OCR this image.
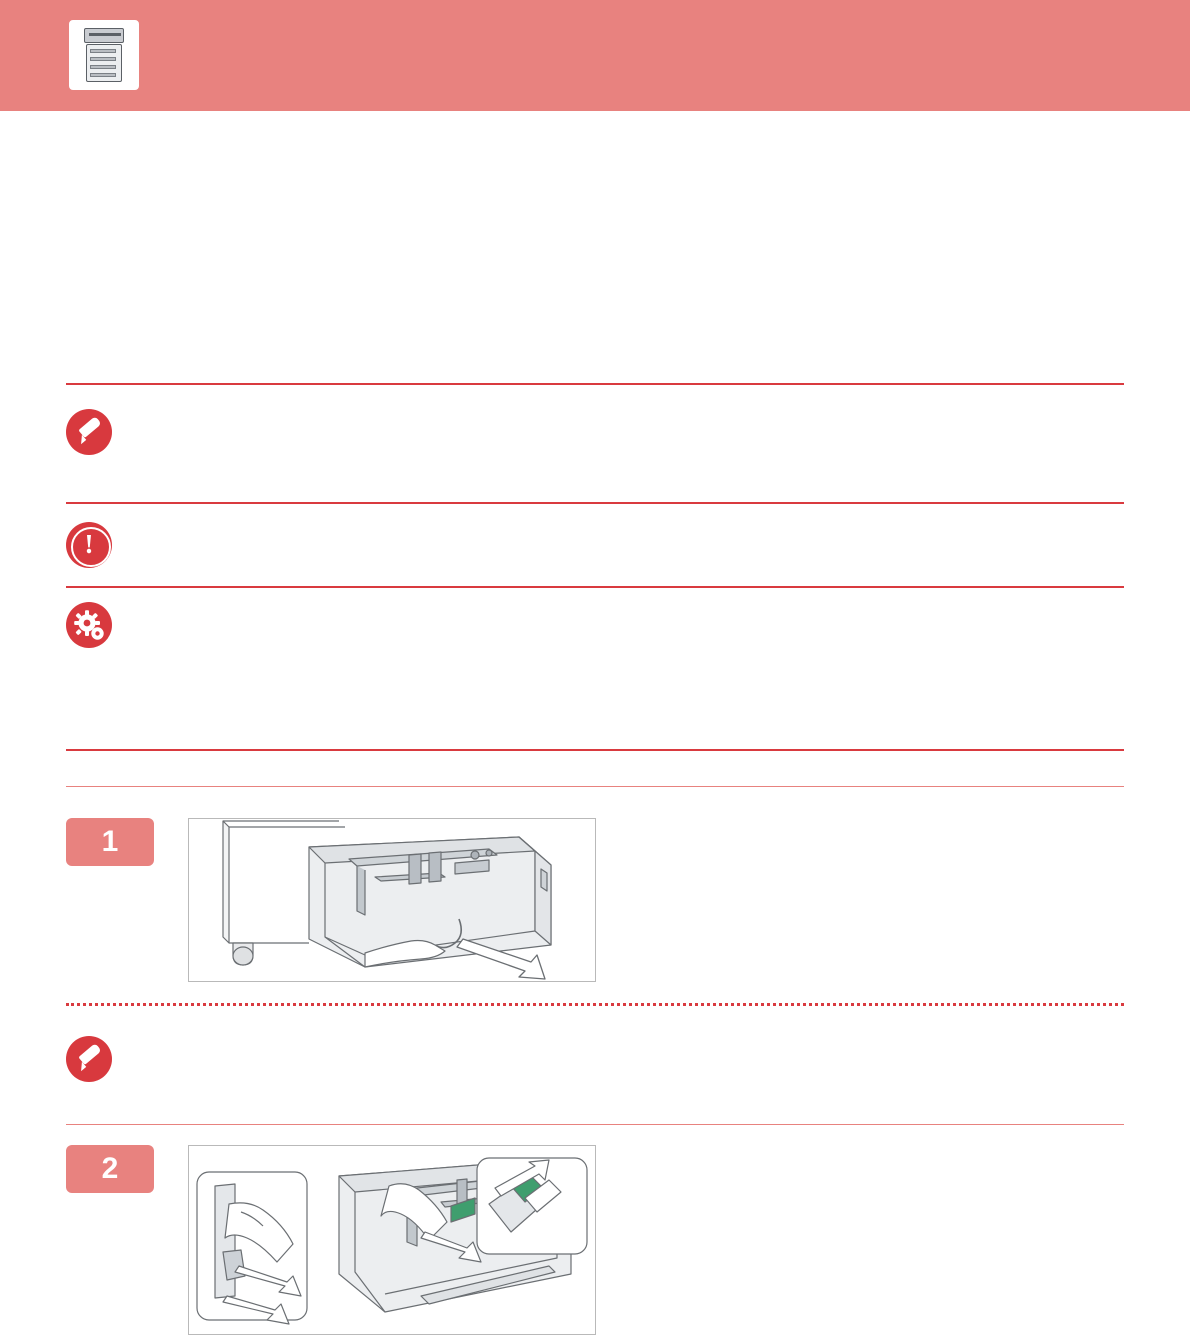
!
1
2
